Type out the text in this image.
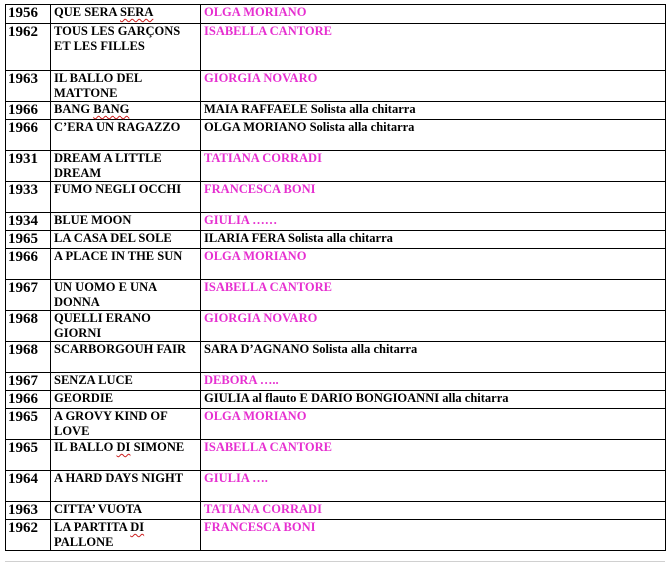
1956	QUE SERA SERA	OLGA MORIANO
1962	TOUS LES GARÇONS ET LES FILLES	ISABELLA CANTORE
1963	IL BALLO DEL MATTONE	GIORGIA NOVARO
1966	BANG BANG	MAIA RAFFAELE Solista alla chitarra
1966	C’ERA UN RAGAZZO	OLGA MORIANO Solista alla chitarra
1931	DREAM A LITTLE DREAM	TATIANA CORRADI
1933	FUMO NEGLI OCCHI	FRANCESCA BONI
1934	BLUE MOON	GIULIA ……
1965	LA CASA DEL SOLE	ILARIA FERA Solista alla chitarra
1966	A PLACE IN THE SUN	OLGA MORIANO
1967	UN UOMO E UNA DONNA	ISABELLA CANTORE
1968	QUELLI ERANO GIORNI	GIORGIA NOVARO
1968	SCARBORGOUH FAIR	SARA D’AGNANO Solista alla chitarra
1967	SENZA LUCE	DEBORA …..
1966	GEORDIE	GIULIA al flauto E DARIO BONGIOANNI alla chitarra
1965	A GROVY KIND OF LOVE	OLGA MORIANO
1965	IL BALLO DI SIMONE	ISABELLA CANTORE
1964	A HARD DAYS NIGHT	GIULIA ….
1963	CITTA’ VUOTA	TATIANA CORRADI
1962	LA PARTITA DI PALLONE	FRANCESCA BONI
